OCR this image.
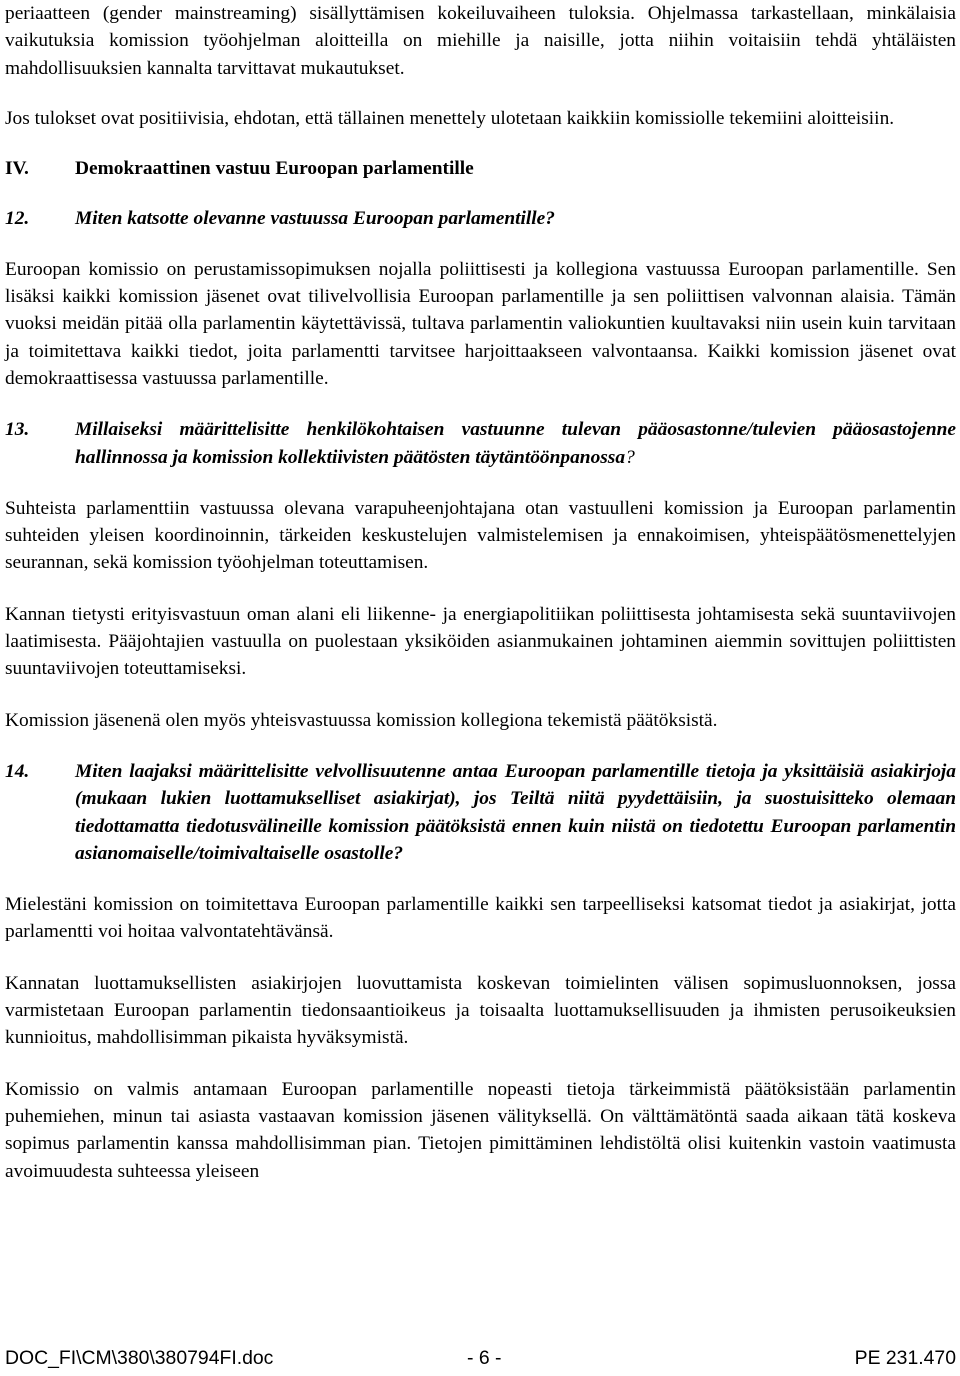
periaatteen (gender mainstreaming) sisällyttämisen kokeiluvaiheen tuloksia. Ohjelmassa tarkastellaan, minkälaisia vaikutuksia komission työohjelman aloitteilla on miehille ja naisille, jotta niihin voitaisiin tehdä yhtäläisten mahdollisuuksien kannalta tarvittavat mukautukset.

Jos tulokset ovat positiivisia, ehdotan, että tällainen menettely ulotetaan kaikkiin komissiolle tekemiini aloitteisiin.

IV.	Demokraattinen vastuu Euroopan parlamentille
12.	Miten katsotte olevanne vastuussa Euroopan parlamentille?

Euroopan komissio on perustamissopimuksen nojalla poliittisesti ja kollegiona vastuussa Euroopan parlamentille. Sen lisäksi kaikki komission jäsenet ovat tilivelvollisia Euroopan parlamentille ja sen poliittisen valvonnan alaisia. Tämän vuoksi meidän pitää olla parlamentin käytettävissä, tultava parlamentin valiokuntien kuultavaksi niin usein kuin tarvitaan ja toimitettava kaikki tiedot, joita parlamentti tarvitsee harjoittaakseen valvontaansa. Kaikki komission jäsenet ovat demokraattisessa vastuussa parlamentille.

13.	Millaiseksi määrittelisitte henkilökohtaisen vastuunne tulevan pääosastonne/tulevien pääosastojenne hallinnossa ja komission kollektiivisten päätösten täytäntöönpanossa?

Suhteista parlamenttiin vastuussa olevana varapuheenjohtajana otan vastuulleni komission ja Euroopan parlamentin suhteiden yleisen koordinoinnin, tärkeiden keskustelujen valmistelemisen ja ennakoimisen, yhteispäätösmenettelyjen seurannan, sekä komission työohjelman toteuttamisen.

Kannan tietysti erityisvastuun oman alani eli liikenne- ja energiapolitiikan poliittisesta johtamisesta sekä suuntaviivojen laatimisesta. Pääjohtajien vastuulla on puolestaan yksiköiden asianmukainen johtaminen aiemmin sovittujen poliittisten suuntaviivojen toteuttamiseksi.

Komission jäsenenä olen myös yhteisvastuussa komission kollegiona tekemistä päätöksistä.

14.	Miten laajaksi määrittelisitte velvollisuutenne antaa Euroopan parlamentille tietoja ja yksittäisiä asiakirjoja (mukaan lukien luottamukselliset asiakirjat), jos Teiltä niitä pyydettäisiin, ja suostuisitteko olemaan tiedottamatta tiedotusvälineille komission päätöksistä ennen kuin niistä on tiedotettu Euroopan parlamentin asianomaiselle/toimivaltaiselle osastolle?

Mielestäni komission on toimitettava Euroopan parlamentille kaikki sen tarpeelliseksi katsomat tiedot ja asiakirjat, jotta parlamentti voi hoitaa valvontatehtävänsä.

Kannatan luottamuksellisten asiakirjojen luovuttamista koskevan toimielinten välisen sopimusluonnoksen, jossa varmistetaan Euroopan parlamentin tiedonsaantioikeus ja toisaalta luottamuksellisuuden ja ihmisten perusoikeuksien kunnioitus, mahdollisimman pikaista hyväksymistä.

Komissio on valmis antamaan Euroopan parlamentille nopeasti tietoja tärkeimmistä päätöksistään parlamentin puhemiehen, minun tai asiasta vastaavan komission jäsenen välityksellä. On välttämätöntä saada aikaan tätä koskeva sopimus parlamentin kanssa mahdollisimman pian. Tietojen pimittäminen lehdistöltä olisi kuitenkin vastoin vaatimusta avoimuudesta suhteessa yleiseen

DOC_FI\CM\380\380794FI.doc	- 6 -	PE 231.470
